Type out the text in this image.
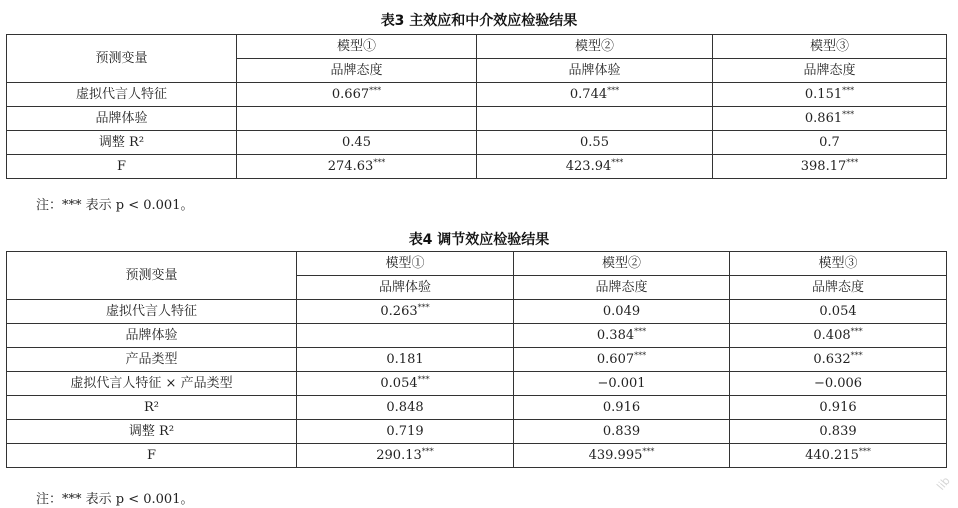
表3 主效应和中介效应检验结果
预测变量	模型①	模型②	模型③
	品牌态度	品牌体验	品牌态度
虚拟代言人特征	0.667***	0.744***	0.151***
品牌体验			0.861***
调整 R²	0.45	0.55	0.7
F	274.63***	423.94***	398.17***
注：*** 表示 p < 0.001。
表4 调节效应检验结果
预测变量	模型①	模型②	模型③
	品牌体验	品牌态度	品牌态度
虚拟代言人特征	0.263***	0.049	0.054
品牌体验		0.384***	0.408***
产品类型	0.181	0.607***	0.632***
虚拟代言人特征 × 产品类型	0.054***	−0.001	−0.006
R²	0.848	0.916	0.916
调整 R²	0.719	0.839	0.839
F	290.13***	439.995***	440.215***
注：*** 表示 p < 0.001。
lib
